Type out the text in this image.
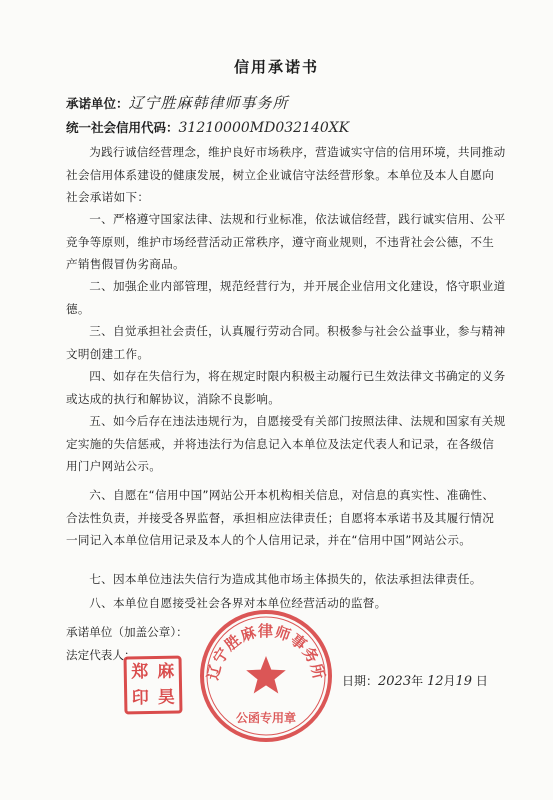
信用承诺书
承诺单位：辽宁胜麻韩律师事务所
统一社会信用代码：31210000MD032140XK

为践行诚信经营理念，维护良好市场秩序，营造诚实守信的信用环境，共同推动社会信用体系建设的健康发展，树立企业诚信守法经营形象。本单位及本人自愿向社会承诺如下：

一、严格遵守国家法律、法规和行业标准，依法诚信经营，践行诚实信用、公平竞争等原则，维护市场经营活动正常秩序，遵守商业规则，不违背社会公德，不生产销售假冒伪劣商品。

二、加强企业内部管理，规范经营行为，并开展企业信用文化建设，恪守职业道德。

三、自觉承担社会责任，认真履行劳动合同。积极参与社会公益事业，参与精神文明创建工作。

四、如存在失信行为，将在规定时限内积极主动履行已生效法律文书确定的义务或达成的执行和解协议，消除不良影响。

五、如今后存在违法违规行为，自愿接受有关部门按照法律、法规和国家有关规定实施的失信惩戒，并将违法行为信息记入本单位及法定代表人和记录，在各级信用门户网站公示。

六、自愿在“信用中国”网站公开本机构相关信息，对信息的真实性、准确性、合法性负责，并接受各界监督，承担相应法律责任；自愿将本承诺书及其履行情况一同记入本单位信用记录及本人的个人信用记录，并在“信用中国”网站公示。

七、因本单位违法失信行为造成其他市场主体损失的，依法承担法律责任。

八、本单位自愿接受社会各界对本单位经营活动的监督。

承诺单位（加盖公章）：
法定代表人：
郑 麻
印 昊
辽宁胜麻律师事务所
公函专用章
日期：2023年 12月19 日
